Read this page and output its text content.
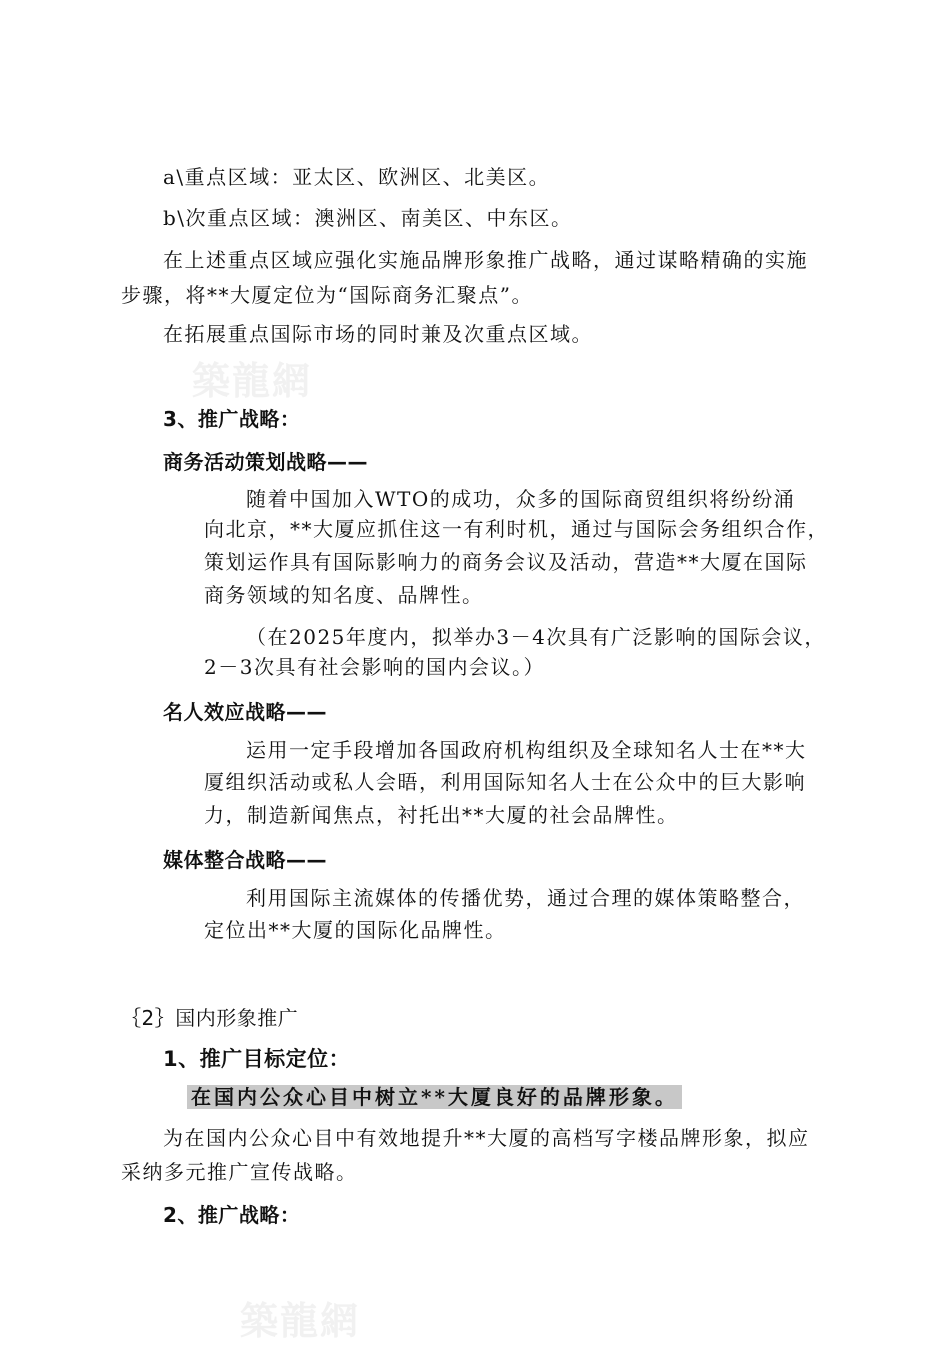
築龍網
築龍網
a\重点区域：亚太区、欧洲区、北美区。
b\次重点区域：澳洲区、南美区、中东区。
在上述重点区域应强化实施品牌形象推广战略，通过谋略精确的实施
步骤，将**大厦定位为“国际商务汇聚点”。
在拓展重点国际市场的同时兼及次重点区域。
3、推广战略：
商务活动策划战略——
随着中国加入WTO的成功，众多的国际商贸组织将纷纷涌
向北京，**大厦应抓住这一有利时机，通过与国际会务组织合作，
策划运作具有国际影响力的商务会议及活动，营造**大厦在国际
商务领域的知名度、品牌性。
（在2025年度内，拟举办3－4次具有广泛影响的国际会议，
2－3次具有社会影响的国内会议。）
名人效应战略——
运用一定手段增加各国政府机构组织及全球知名人士在**大
厦组织活动或私人会晤，利用国际知名人士在公众中的巨大影响
力，制造新闻焦点，衬托出**大厦的社会品牌性。
媒体整合战略——
利用国际主流媒体的传播优势，通过合理的媒体策略整合，
定位出**大厦的国际化品牌性。
｛2｝国内形象推广
1、推广目标定位：
在国内公众心目中树立**大厦良好的品牌形象。
为在国内公众心目中有效地提升**大厦的高档写字楼品牌形象，拟应
采纳多元推广宣传战略。
2、推广战略：
